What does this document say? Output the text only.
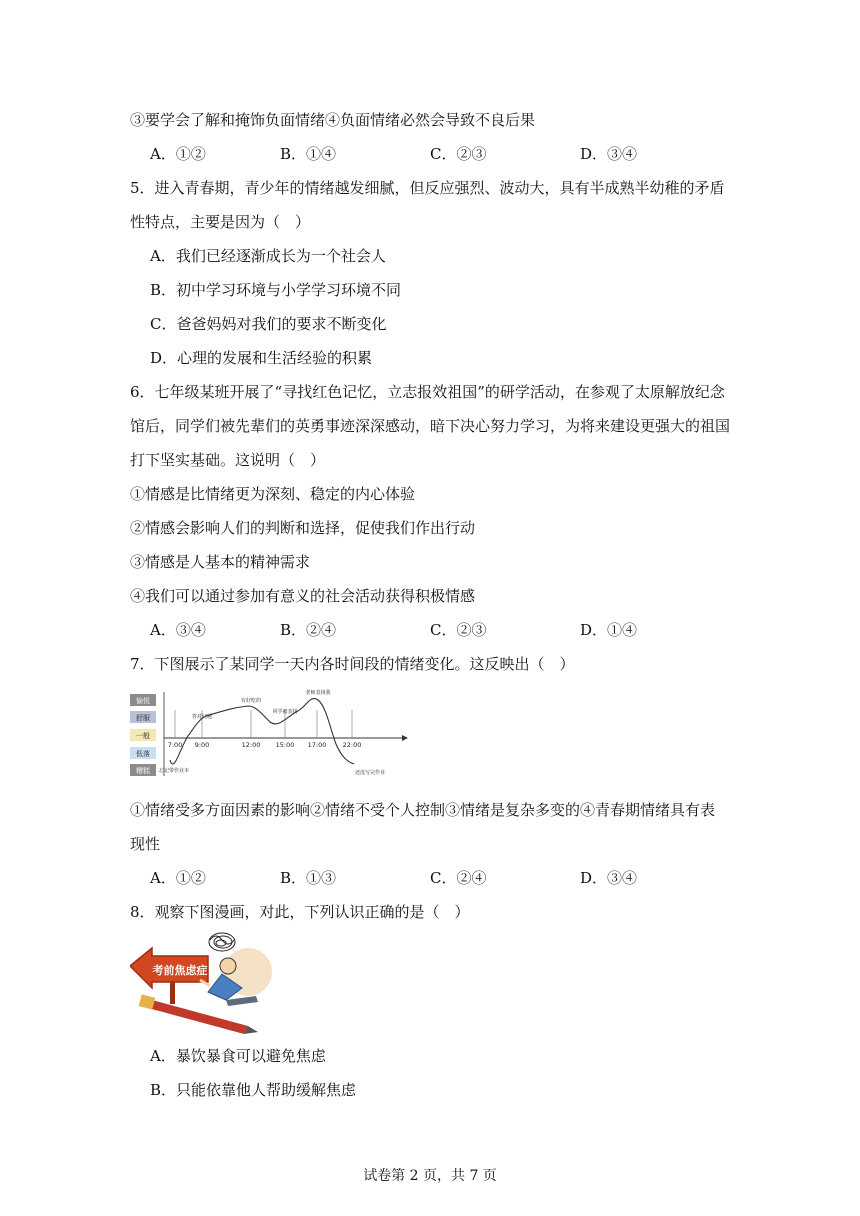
③要学会了解和掩饰负面情绪④负面情绪必然会导致不良后果
A．①②	B．①④	C．②③	D．③④
5．进入青春期，青少年的情绪越发细腻，但反应强烈、波动大，具有半成熟半幼稚的矛盾
性特点，主要是因为（　）
A．我们已经逐渐成长为一个社会人
B．初中学习环境与小学学习环境不同
C．爸爸妈妈对我们的要求不断变化
D．心理的发展和生活经验的积累
6．七年级某班开展了“寻找红色记忆，立志报效祖国”的研学活动，在参观了太原解放纪念
馆后，同学们被先辈们的英勇事迹深深感动，暗下决心努力学习，为将来建设更强大的祖国
打下坚实基础。这说明（　）
①情感是比情绪更为深刻、稳定的内心体验
②情感会影响人们的判断和选择，促使我们作出行动
③情感是人基本的精神需求
④我们可以通过参加有意义的社会活动获得积极情感
A．③④	B．②④	C．②③	D．①④
7．下图展示了某同学一天内各时间段的情绪变化。这反映出（　）
愉悦
舒服
一般
低落
糟糕
7:00 9:00	12:00 15:00 17:00	22:00
忘记带作业本
答对问题
有好吃的
同学被表扬
老师表扬我
还没写完作业
①情绪受多方面因素的影响②情绪不受个人控制③情绪是复杂多变的④青春期情绪具有表
现性
A．①②	B．①③	C．②④	D．③④
8．观察下图漫画，对此，下列认识正确的是（　）
考前焦虑症
A．暴饮暴食可以避免焦虑
B．只能依靠他人帮助缓解焦虑
试卷第 2 页，共 7 页
